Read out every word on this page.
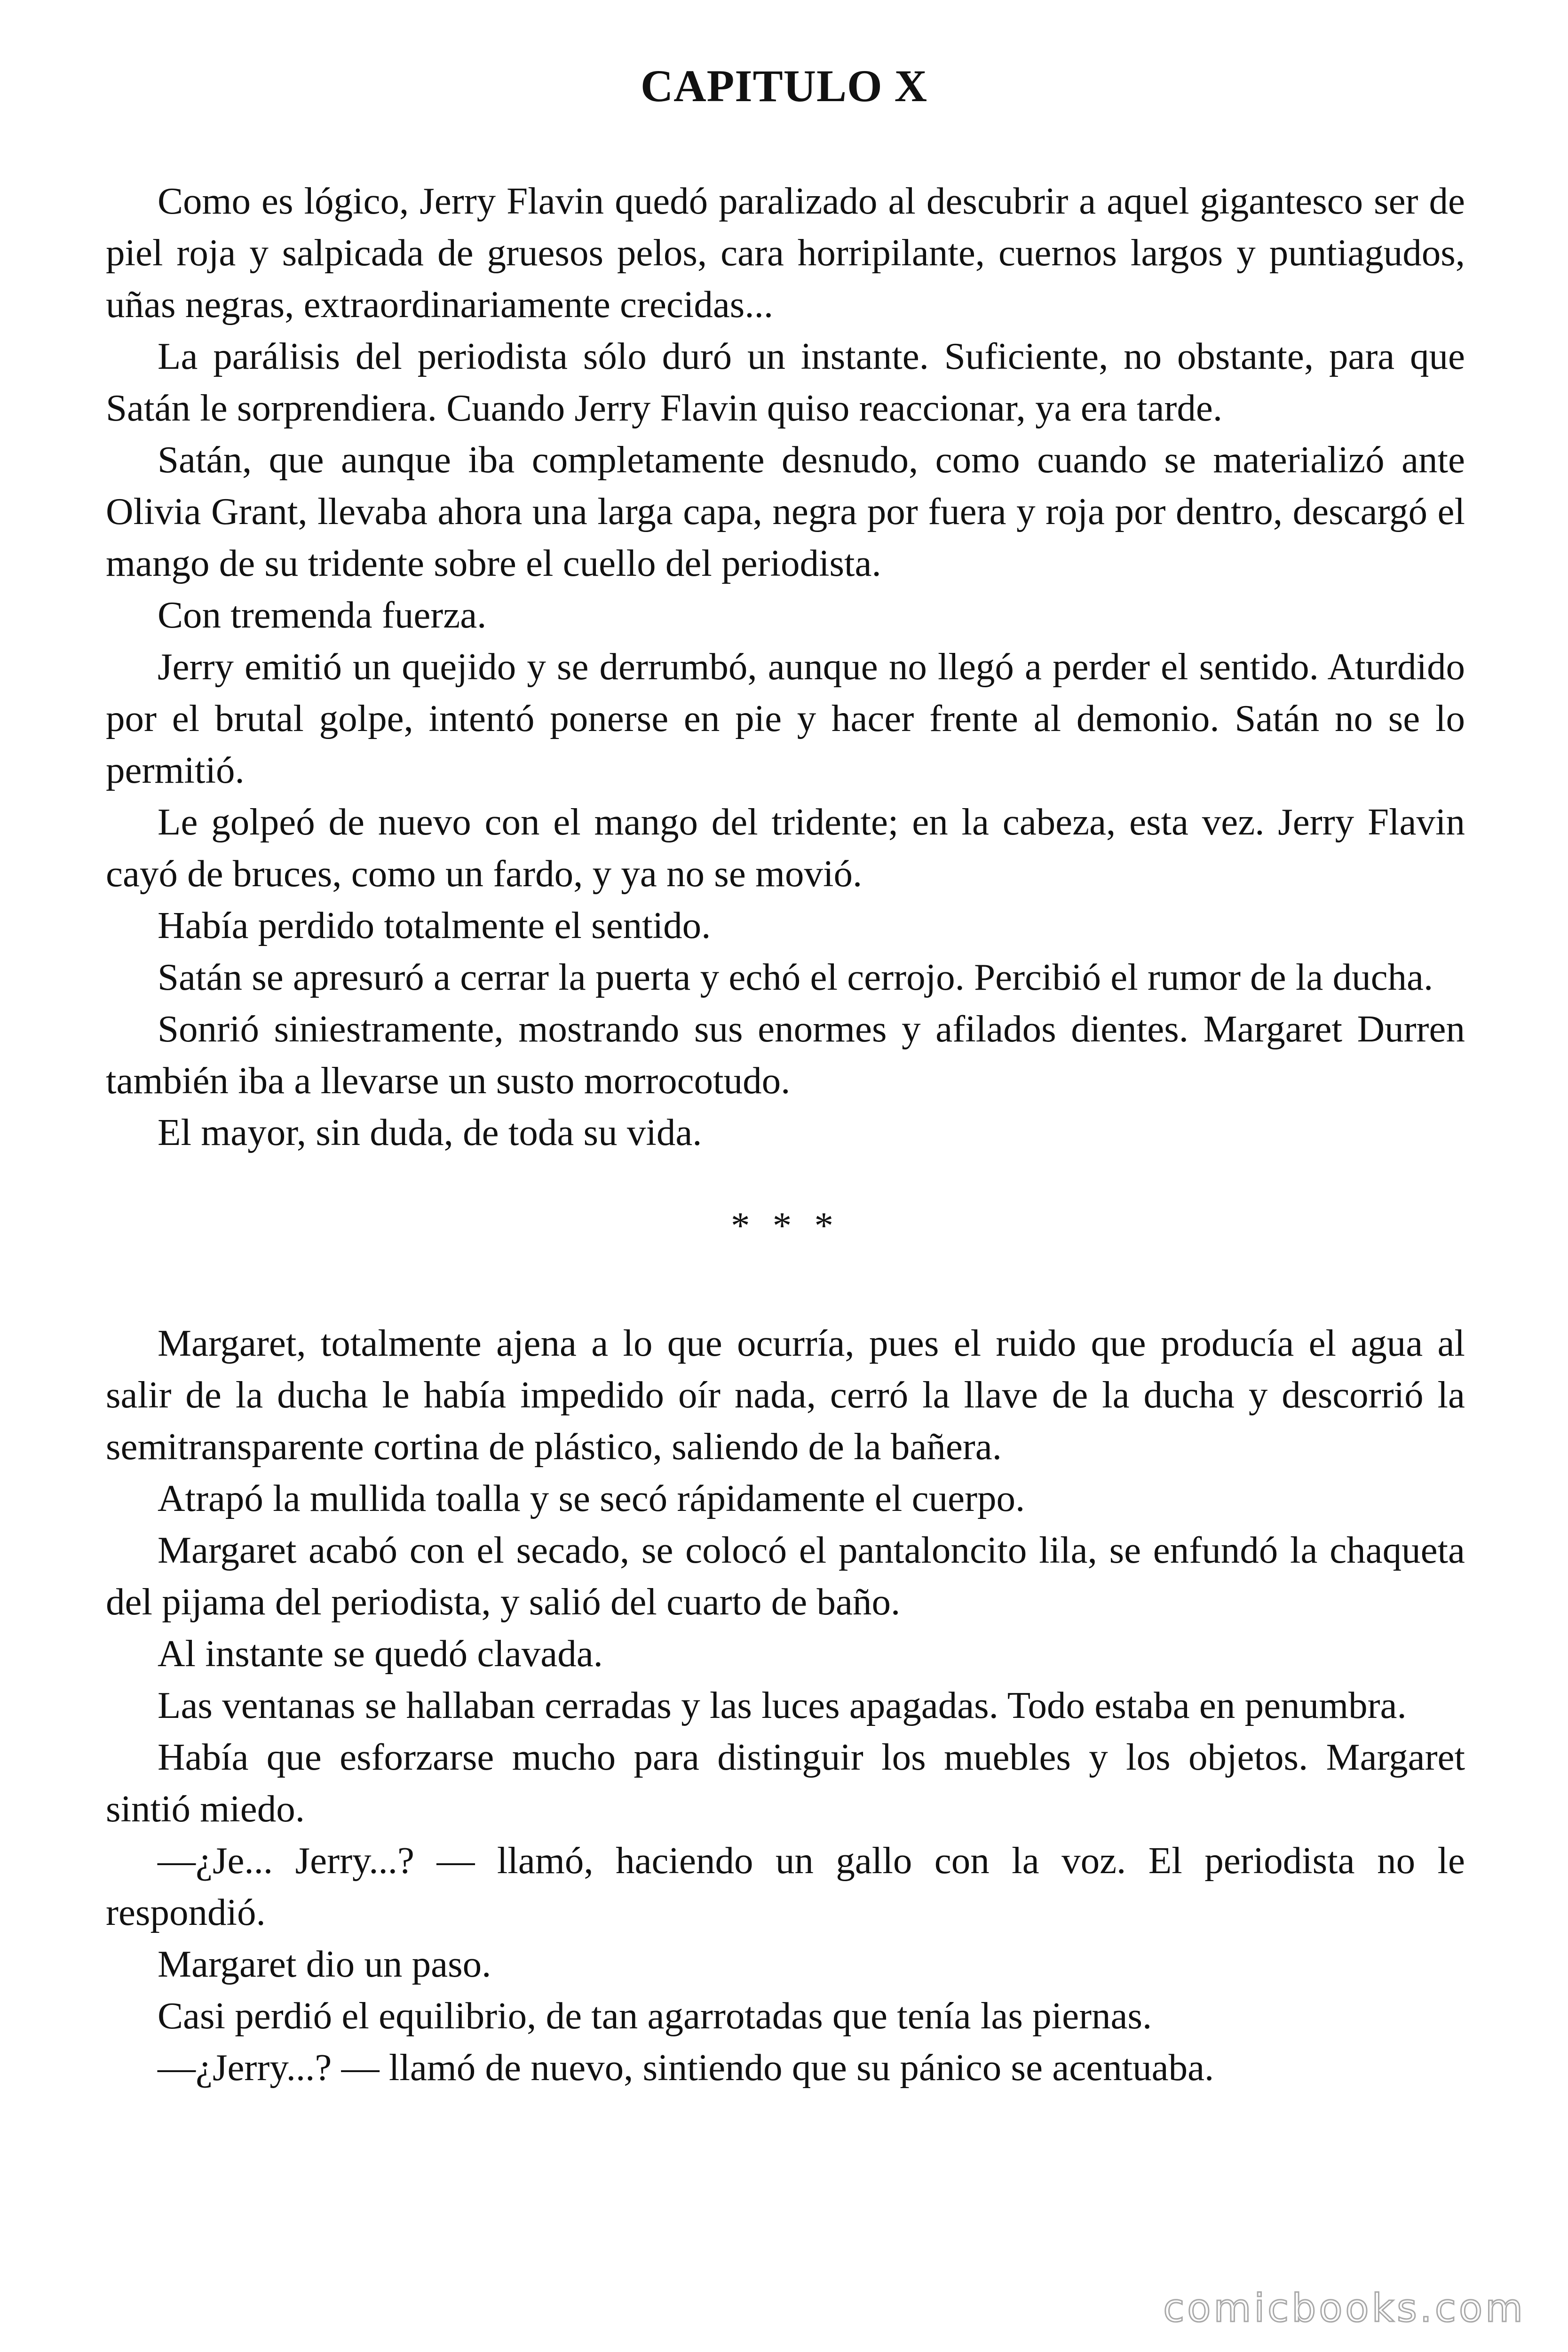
CAPITULO X

Como es lógico, Jerry Flavin quedó paralizado al descubrir a aquel gigantesco ser de piel roja y salpicada de gruesos pelos, cara horripilante, cuernos largos y puntiagudos, uñas negras, extraordinariamente crecidas...

La parálisis del periodista sólo duró un instante. Suficiente, no obstante, para que Satán le sorprendiera. Cuando Jerry Flavin quiso reaccionar, ya era tarde.

Satán, que aunque iba completamente desnudo, como cuando se materializó ante Olivia Grant, llevaba ahora una larga capa, negra por fuera y roja por dentro, descargó el mango de su tridente sobre el cuello del periodista.

Con tremenda fuerza.

Jerry emitió un quejido y se derrumbó, aunque no llegó a perder el sentido. Aturdido por el brutal golpe, intentó ponerse en pie y hacer frente al demonio. Satán no se lo permitió.

Le golpeó de nuevo con el mango del tridente; en la cabeza, esta vez. Jerry Flavin cayó de bruces, como un fardo, y ya no se movió.

Había perdido totalmente el sentido.

Satán se apresuró a cerrar la puerta y echó el cerrojo. Percibió el rumor de la ducha.

Sonrió siniestramente, mostrando sus enormes y afilados dientes. Margaret Durren también iba a llevarse un susto morrocotudo.

El mayor, sin duda, de toda su vida.

* * *

Margaret, totalmente ajena a lo que ocurría, pues el ruido que producía el agua al salir de la ducha le había impedido oír nada, cerró la llave de la ducha y descorrió la semitransparente cortina de plástico, saliendo de la bañera.

Atrapó la mullida toalla y se secó rápidamente el cuerpo.

Margaret acabó con el secado, se colocó el pantaloncito lila, se enfundó la chaqueta del pijama del periodista, y salió del cuarto de baño.

Al instante se quedó clavada.

Las ventanas se hallaban cerradas y las luces apagadas. Todo estaba en penumbra.

Había que esforzarse mucho para distinguir los muebles y los objetos. Margaret sintió miedo.

—¿Je... Jerry...? — llamó, haciendo un gallo con la voz. El periodista no le respondió.

Margaret dio un paso.

Casi perdió el equilibrio, de tan agarrotadas que tenía las piernas.

—¿Jerry...? — llamó de nuevo, sintiendo que su pánico se acentuaba.

comicbooks.com
